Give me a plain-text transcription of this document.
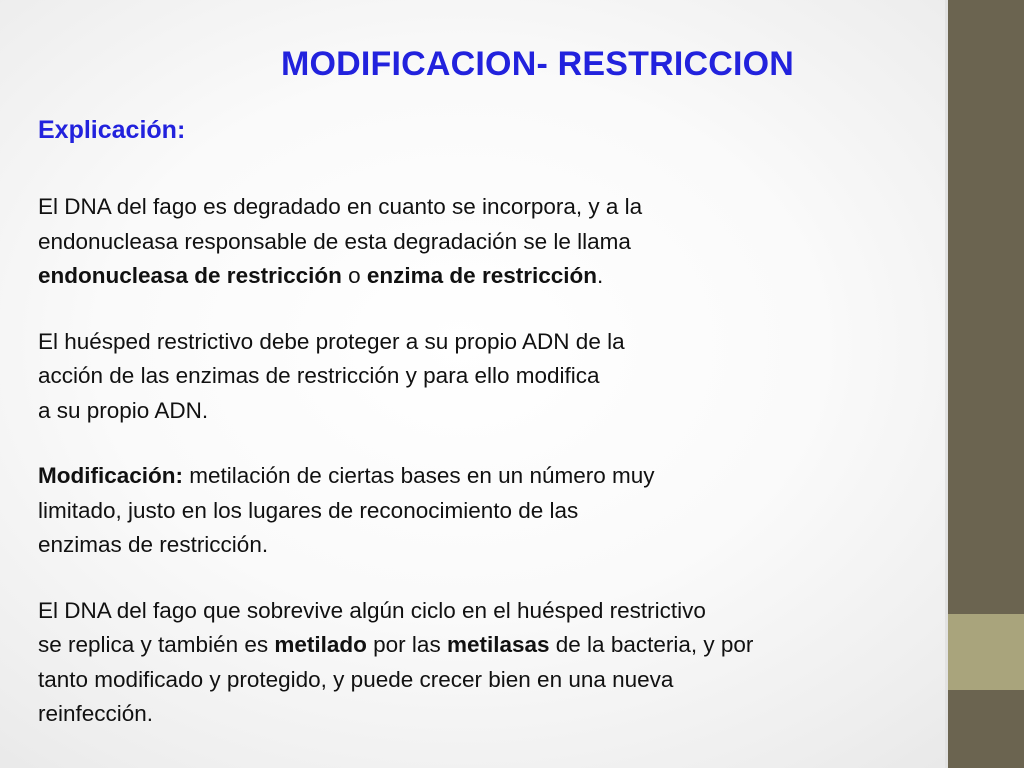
MODIFICACION- RESTRICCION
Explicación:
El DNA del fago es degradado en cuanto se incorpora, y a la
endonucleasa responsable de esta degradación se le llama
endonucleasa de restricción o enzima de restricción.
El huésped restrictivo debe proteger a su propio ADN de la
acción de las enzimas de restricción y para ello modifica
a su propio ADN.
Modificación: metilación de ciertas bases en un número muy
limitado, justo en los lugares de reconocimiento de las
enzimas de restricción.
El DNA del fago que sobrevive algún ciclo en el huésped restrictivo
se replica y también es metilado por las metilasas de la bacteria, y por
tanto modificado y protegido, y puede crecer bien en una nueva
reinfección.
